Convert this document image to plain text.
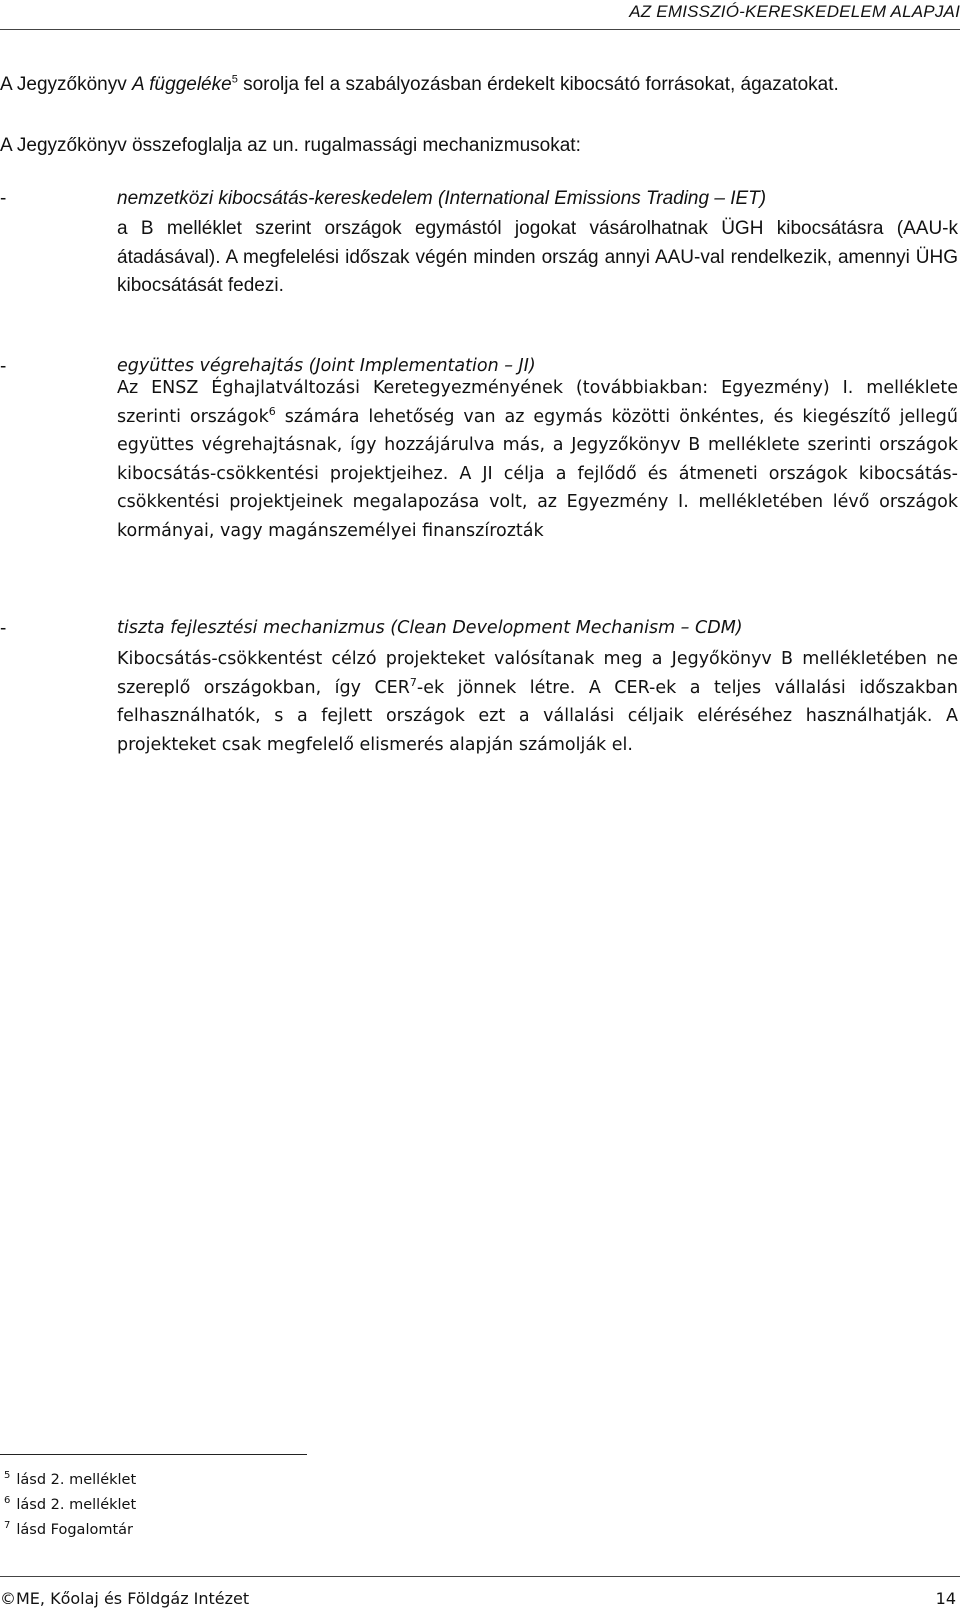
AZ EMISSZIÓ-KERESKEDELEM ALAPJAI

A Jegyzőkönyv A függeléke$^5$ sorolja fel a szabályozásban érdekelt kibocsátó forrásokat, ágazatokat.

A Jegyzőkönyv összefoglalja az un. rugalmassági mechanizmusokat:

-	nemzetközi kibocsátás-kereskedelem (International Emissions Trading – IET)

a B melléklet szerint országok egymástól jogokat vásárolhatnak ÜGH kibocsátásra (AAU-k átadásával). A megfelelési időszak végén minden ország annyi AAU-val rendelkezik, amennyi ÜHG kibocsátását fedezi.

-	együttes végrehajtás (Joint Implementation – JI)

Az ENSZ Éghajlatváltozási Keretegyezményének (továbbiakban: Egyezmény) I. melléklete szerinti országok$^6$ számára lehetőség van az egymás közötti önkéntes, és kiegészítő jellegű együttes végrehajtásnak, így hozzájárulva más, a Jegyzőkönyv B melléklete szerinti országok kibocsátás-csökkentési projektjeihez. A JI célja a fejlődő és átmeneti országok kibocsátás-csökkentési projektjeinek megalapozása volt, az Egyezmény I. mellékletében lévő országok kormányai, vagy magánszemélyei finanszírozták

-	tiszta fejlesztési mechanizmus (Clean Development Mechanism – CDM)

Kibocsátás-csökkentést célzó projekteket valósítanak meg a Jegyőkönyv B mellékletében ne szereplő országokban, így CER$^7$-ek jönnek létre. A CER-ek a teljes vállalási időszakban felhasználhatók, s a fejlett országok ezt a vállalási céljaik eléréséhez használhatják. A projekteket csak megfelelő elismerés alapján számolják el.

$^5$ lásd 2. melléklet
$^6$ lásd 2. melléklet
$^7$ lásd Fogalomtár
©ME, Kőolaj és Földgáz Intézet	14
